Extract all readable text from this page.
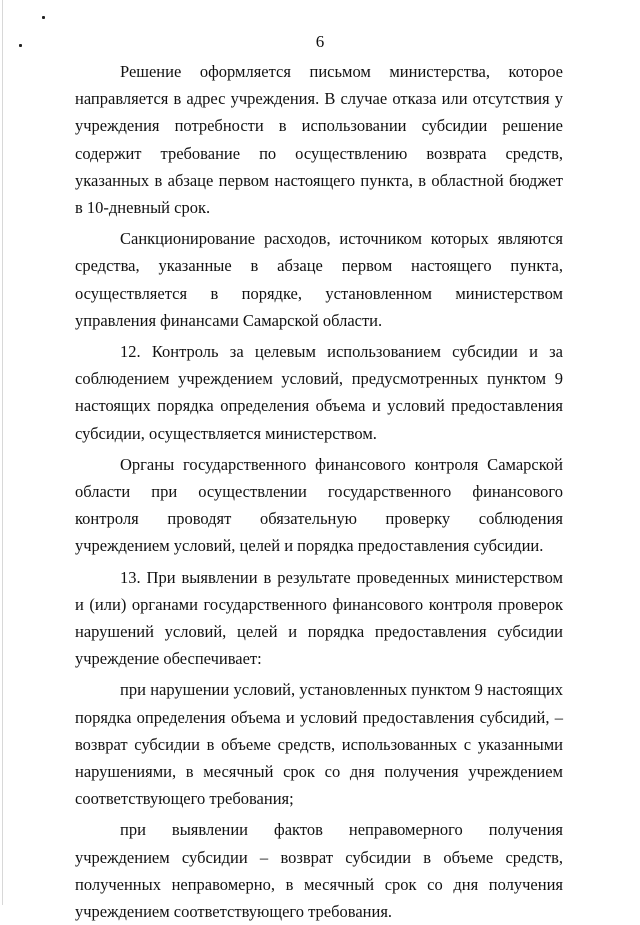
6

Решение оформляется письмом министерства, которое направляется в адрес учреждения. В случае отказа или отсутствия у учреждения потребности в использовании субсидии решение содержит требование по осуществлению возврата средств, указанных в абзаце первом настоящего пункта, в областной бюджет в 10-дневный срок.

Санкционирование расходов, источником которых являются средства, указанные в абзаце первом настоящего пункта, осуществляется в порядке, установленном министерством управления финансами Самарской области.

12. Контроль за целевым использованием субсидии и за соблюдением учреждением условий, предусмотренных пунктом 9 настоящих порядка определения объема и условий предоставления субсидии, осуществляется министерством.

Органы государственного финансового контроля Самарской области при осуществлении государственного финансового контроля проводят обязательную проверку соблюдения учреждением условий, целей и порядка предоставления субсидии.

13. При выявлении в результате проведенных министерством и (или) органами государственного финансового контроля проверок нарушений условий, целей и порядка предоставления субсидии учреждение обеспечивает:

при нарушении условий, установленных пунктом 9 настоящих порядка определения объема и условий предоставления субсидий, – возврат субсидии в объеме средств, использованных с указанными нарушениями, в месячный срок со дня получения учреждением соответствующего требования;

при выявлении фактов неправомерного получения учреждением субсидии – возврат субсидии в объеме средств, полученных неправомерно, в месячный срок со дня получения учреждением соответствующего требования.
